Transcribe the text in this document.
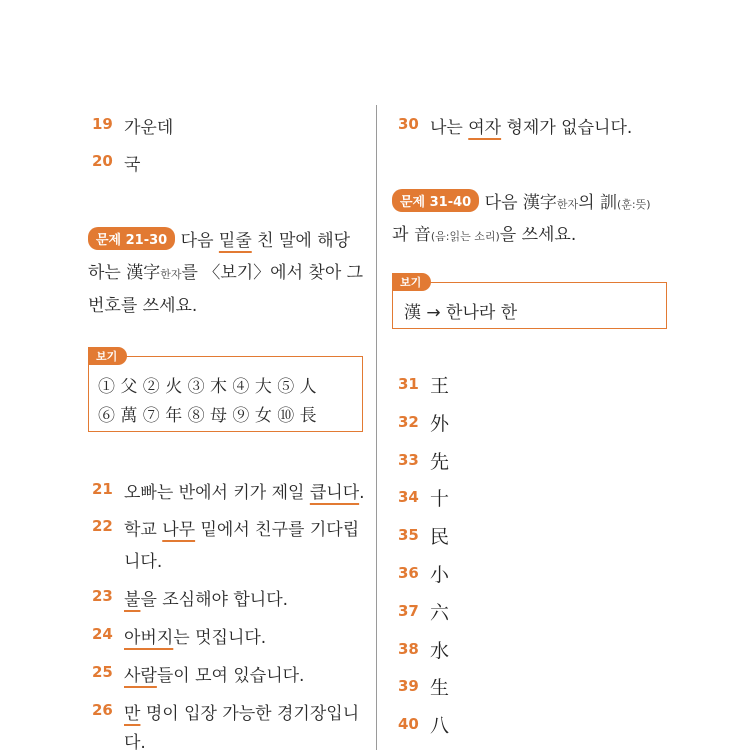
19 가운데
20 국
문제 21-30 다음 밑줄 친 말에 해당
하는 漢字한자를 〈보기〉에서 찾아 그
번호를 쓰세요.
보기
① 父 ② 火 ③ 木 ④ 大 ⑤ 人
⑥ 萬 ⑦ 年 ⑧ 母 ⑨ 女 ⑩ 長
21 오빠는 반에서 키가 제일 큽니다.
22 학교 나무 밑에서 친구를 기다립
니다.
23 불을 조심해야 합니다.
24 아버지는 멋집니다.
25 사람들이 모여 있습니다.
26 만 명이 입장 가능한 경기장입니
다.
30 나는 여자 형제가 없습니다.
문제 31-40 다음 漢字한자의 訓(훈:뜻)
과 音(음:읽는 소리)을 쓰세요.
보기
漢 → 한나라 한
31 王
32 外
33 先
34 十
35 民
36 小
37 六
38 水
39 生
40 八
